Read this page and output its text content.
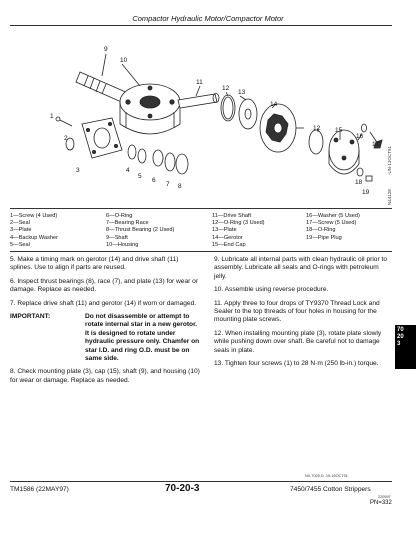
Compactor Hydraulic Motor/Compactor Motor
9
10
11
12
13
14
12 15
16
17
18
19
1
2
3	4
5
6
7 8
-UN-13OCT91
N44128
1—Screw (4 Used)
2—Seal
3—Plate
4—Backup Washer
5—Seal
6—O-Ring
7—Bearing Race
8—Thrust Bearing (2 Used)
9—Shaft
10—Housing
11—Drive Shaft
12—O-Ring (3 Used)
13—Plate
14—Gerotor
15—End Cap
16—Washer (5 Used)
17—Screw (5 Used)
18—O-Ring
19—Pipe Plug

5. Make a timing mark on gerotor (14) and drive shaft (11) splines. Use to align if parts are reused.

6. Inspect thrust bearings (8), race (7), and plate (13) for wear or damage. Replace as needed.

7. Replace drive shaft (11) and gerotor (14) if worn or damaged.

IMPORTANT:	Do not disassemble or attempt to rotate internal star in a new gerotor. It is designed to rotate under hydraulic pressure only. Chamfer on star I.D. and ring O.D. must be on same side.

8. Check mounting plate (3), cap (15), shaft (9), and housing (10) for wear or damage. Replace as needed.

9. Lubricate all internal parts with clean hydraulic oil prior to assembly. Lubricate all seals and O-rings with petroleum jelly.

10. Assemble using reverse procedure.

11. Apply three to four drops of TY9370 Thread Lock and Sealer to the top threads of four holes in housing for the mounting plate screws.

12. When installing mounting plate (3), rotate plate slowly while pushing down over shaft. Be careful not to damage seals in plate.

13. Tighten four screws (1) to 28 N·m (250 lb-in.) torque.

70
20
3
NX,7025,D -19-16OCT91
TM1586 (22MAY97)	70-20-3	7450/7455 Cotton Strippers
220597
PN=332
